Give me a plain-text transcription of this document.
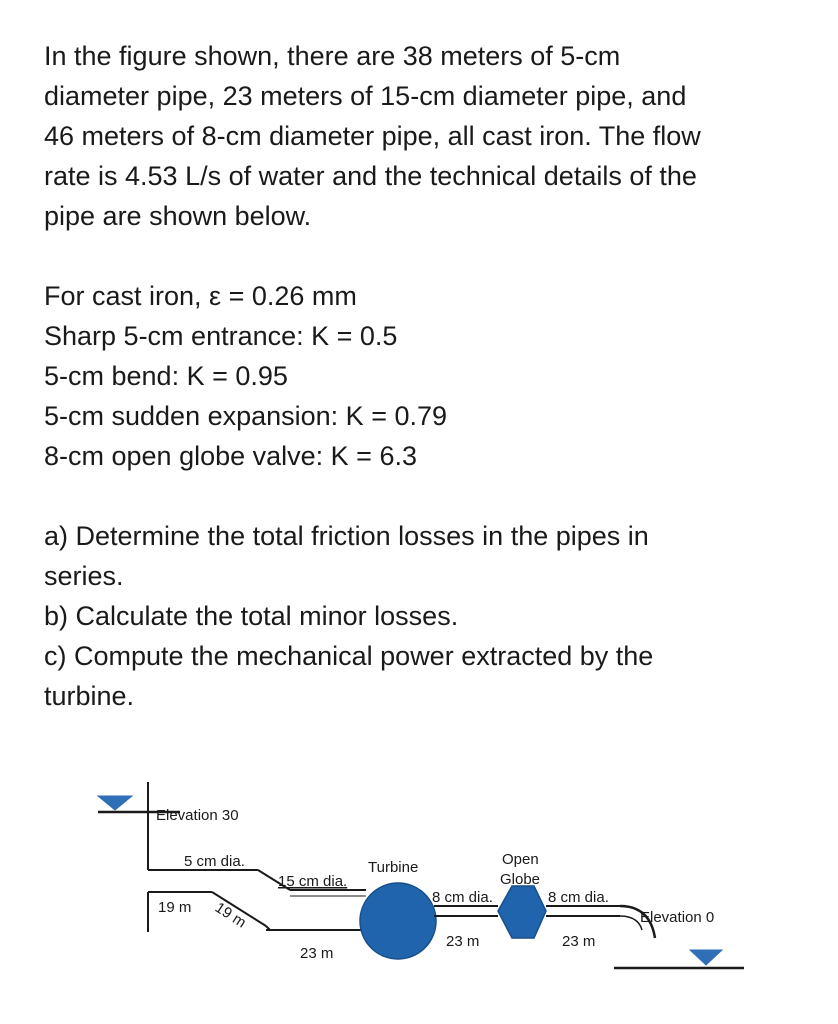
In the figure shown, there are 38 meters of 5-cm
diameter pipe, 23 meters of 15-cm diameter pipe, and
46 meters of 8-cm diameter pipe, all cast iron. The flow
rate is 4.53 L/s of water and the technical details of the
pipe are shown below.

For cast iron, ε = 0.26 mm
Sharp 5-cm entrance: K = 0.5
5-cm bend: K = 0.95
5-cm sudden expansion: K = 0.79
8-cm open globe valve: K = 6.3

a) Determine the total friction losses in the pipes in
series.
b) Calculate the total minor losses.
c) Compute the mechanical power extracted by the
turbine.

Elevation 30
5 cm dia.
19 m 19 m
15 cm dia.
23 m
Turbine
8 cm dia.
23 m
Open
Globe
8 cm dia.
23 m
Elevation 0
